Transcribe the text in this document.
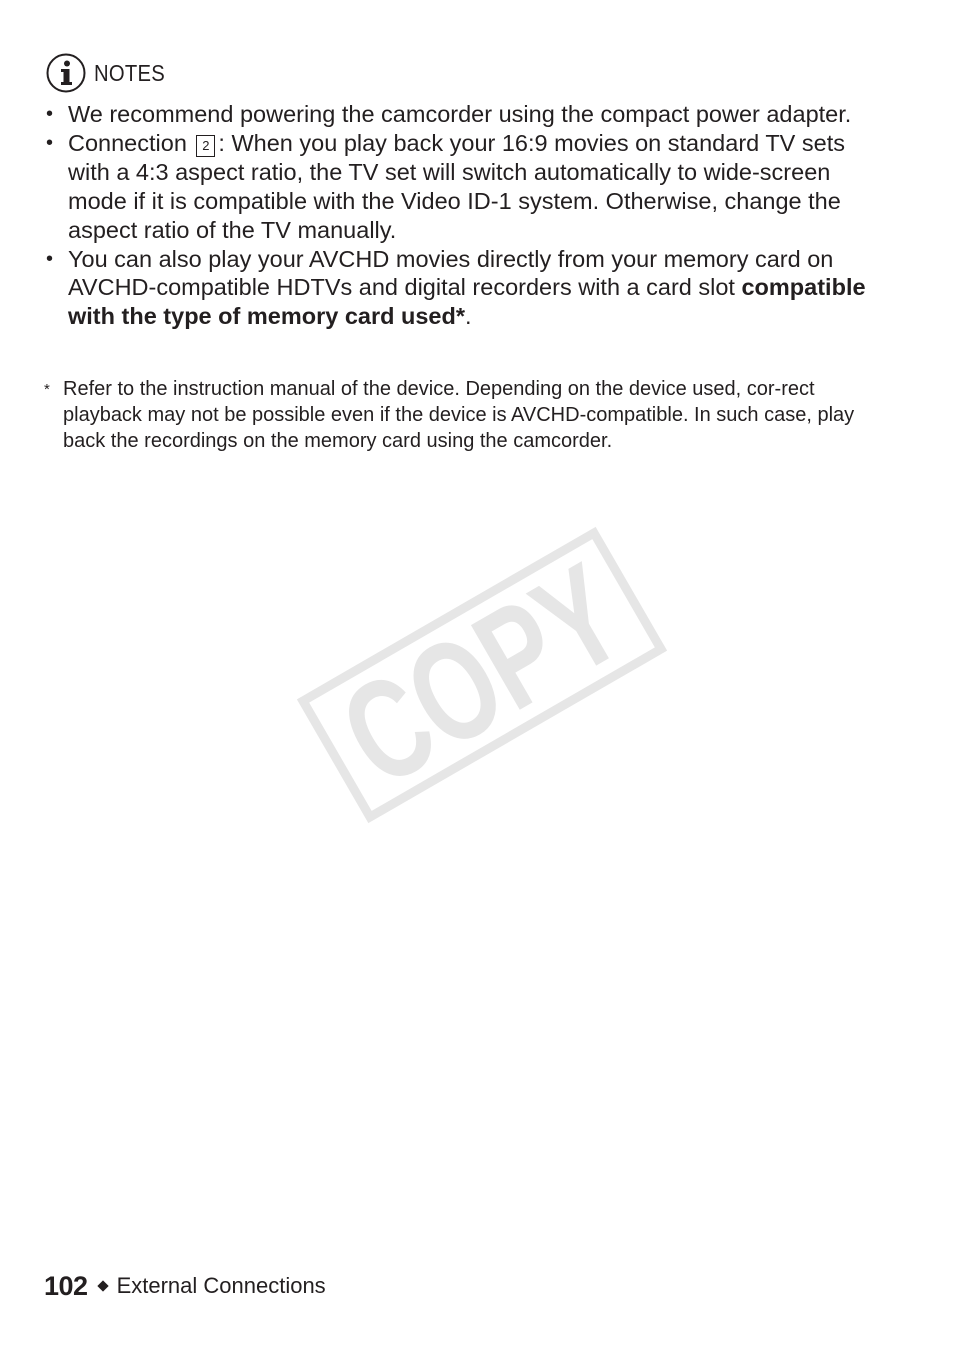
NOTES
• We recommend powering the camcorder using the compact power adapter.
• Connection 2 : When you play back your 16:9 movies on standard TV sets with a 4:3 aspect ratio, the TV set will switch automatically to wide-screen mode if it is compatible with the Video ID-1 system. Otherwise, change the aspect ratio of the TV manually.
• You can also play your AVCHD movies directly from your memory card on AVCHD-compatible HDTVs and digital recorders with a card slot compatible with the type of memory card used*.
* Refer to the instruction manual of the device. Depending on the device used, cor-rect playback may not be possible even if the device is AVCHD-compatible. In such case, play back the recordings on the memory card using the camcorder.
COPY
102 External Connections
